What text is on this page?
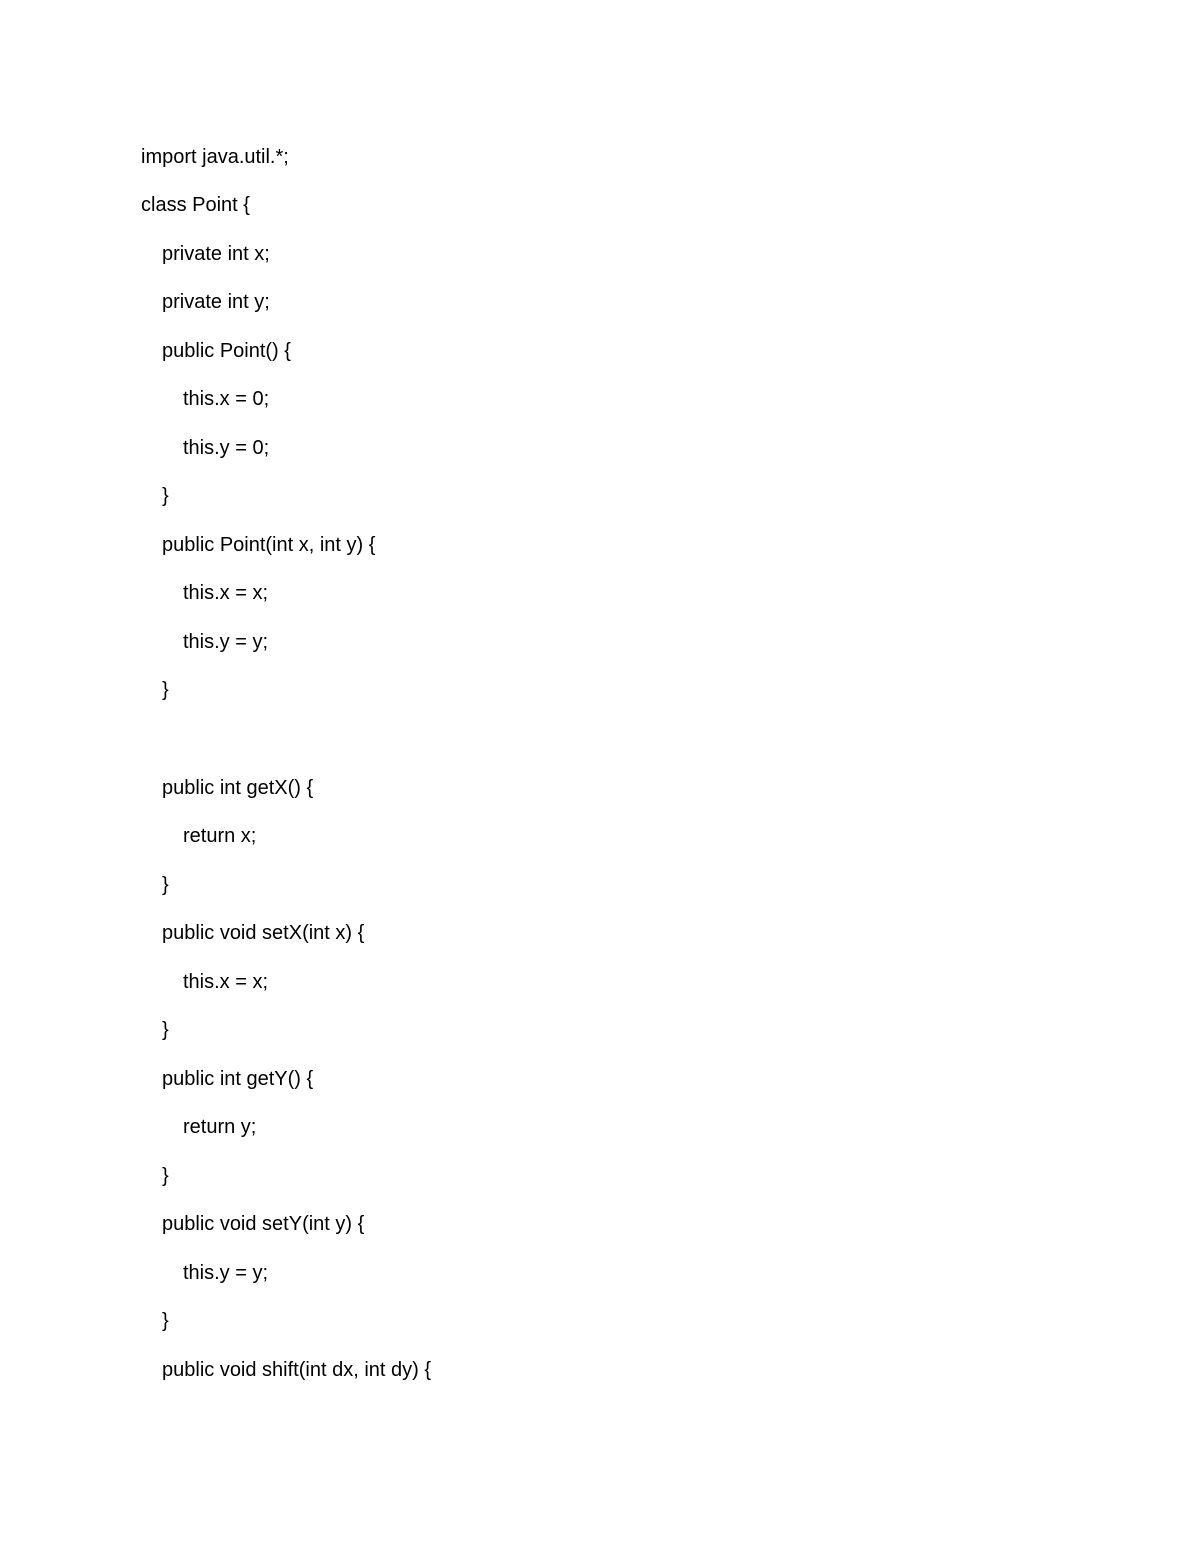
import java.util.*;
class Point {
private int x;
private int y;
public Point() {
this.x = 0;
this.y = 0;
}
public Point(int x, int y) {
this.x = x;
this.y = y;
}
public int getX() {
return x;
}
public void setX(int x) {
this.x = x;
}
public int getY() {
return y;
}
public void setY(int y) {
this.y = y;
}
public void shift(int dx, int dy) {
